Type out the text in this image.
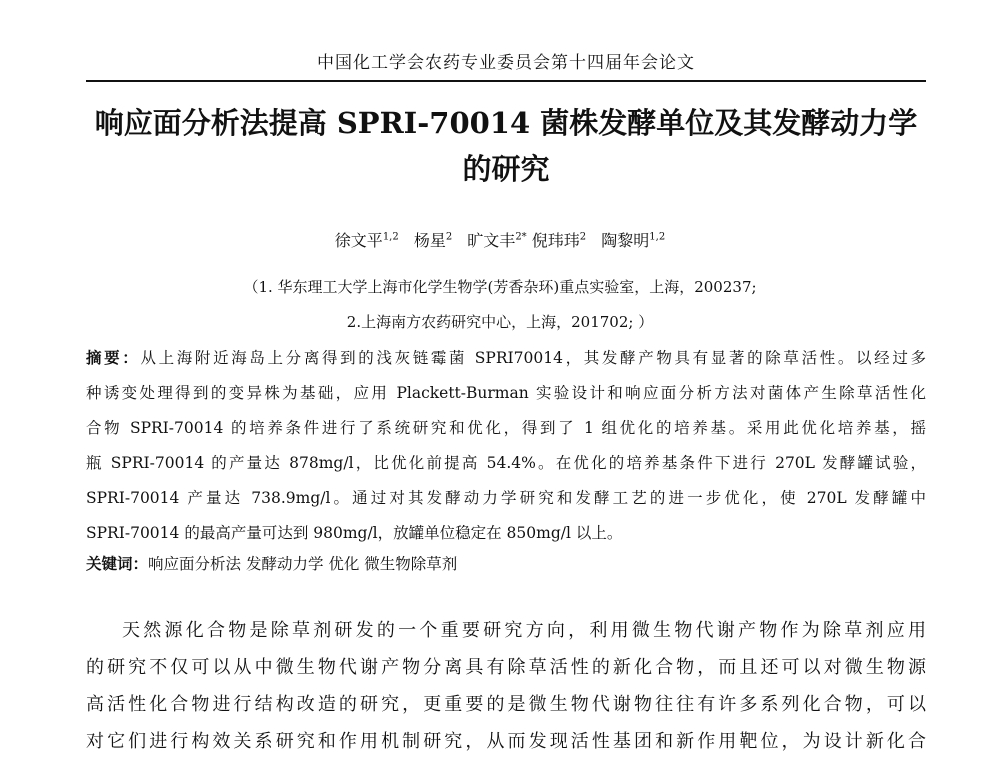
中国化工学会农药专业委员会第十四届年会论文
响应面分析法提高 SPRI-70014 菌株发酵单位及其发酵动力学
的研究
徐文平$^{1,2}$ 杨星$^2$ 旷文丰$^{2*}$ 倪玮玮$^2$ 陶黎明$^{1,2}$
（1. 华东理工大学上海市化学生物学(芳香杂环)重点实验室，上海，200237;
2.上海南方农药研究中心，上海，201702; ）
摘要：从上海附近海岛上分离得到的浅灰链霉菌 SPRI70014，其发酵产物具有显著的除草活性。以经过多
种诱变处理得到的变异株为基础，应用 Plackett-Burman 实验设计和响应面分析方法对菌体产生除草活性化
合物 SPRI-70014 的培养条件进行了系统研究和优化，得到了 1 组优化的培养基。采用此优化培养基，摇
瓶 SPRI-70014 的产量达 878mg/l，比优化前提高 54.4%。在优化的培养基条件下进行 270L 发酵罐试验，
SPRI-70014 产量达 738.9mg/l。通过对其发酵动力学研究和发酵工艺的进一步优化，使 270L 发酵罐中
SPRI-70014 的最高产量可达到 980mg/l，放罐单位稳定在 850mg/l 以上。
关键词：响应面分析法 发酵动力学 优化 微生物除草剂
天然源化合物是除草剂研发的一个重要研究方向，利用微生物代谢产物作为除草剂应用
的研究不仅可以从中微生物代谢产物分离具有除草活性的新化合物，而且还可以对微生物源
高活性化合物进行结构改造的研究，更重要的是微生物代谢物往往有许多系列化合物，可以
对它们进行构效关系研究和作用机制研究，从而发现活性基团和新作用靶位，为设计新化合
